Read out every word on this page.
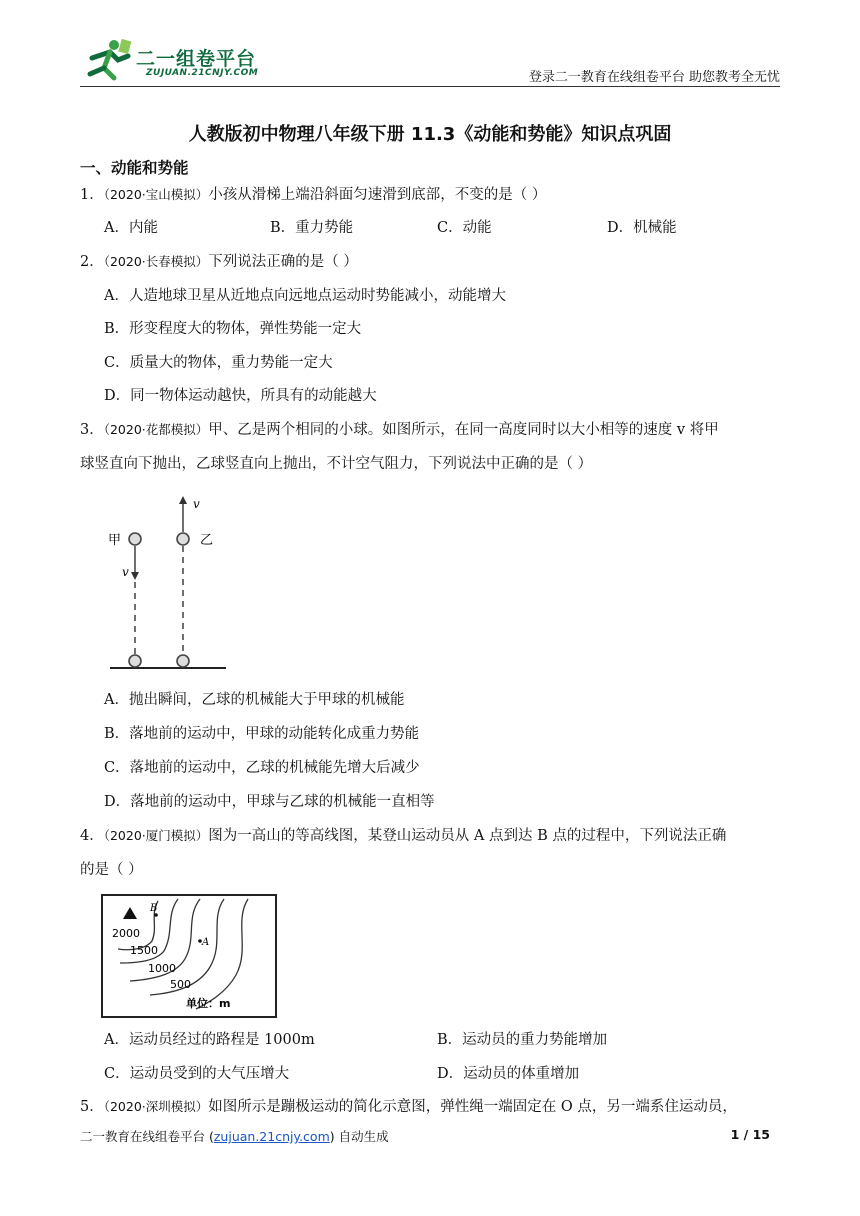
二一组卷平台
ZUJUAN.21CNJY.COM	登录二一教育在线组卷平台 助您教考全无忧
人教版初中物理八年级下册 11.3《动能和势能》知识点巩固
一、动能和势能
1．（2020·宝山模拟）小孩从滑梯上端沿斜面匀速滑到底部，不变的是（ ）
A．内能	B．重力势能	C．动能	D．机械能
2．（2020·长春模拟）下列说法正确的是（ ）
A．人造地球卫星从近地点向远地点运动时势能减小，动能增大
B．形变程度大的物体，弹性势能一定大
C．质量大的物体，重力势能一定大
D．同一物体运动越快，所具有的动能越大
3．（2020·花都模拟）甲、乙是两个相同的小球。如图所示，在同一高度同时以大小相等的速度 v 将甲
球竖直向下抛出，乙球竖直向上抛出，不计空气阻力，下列说法中正确的是（ ）
甲	乙
v
v
A．抛出瞬间，乙球的机械能大于甲球的机械能
B．落地前的运动中，甲球的动能转化成重力势能
C．落地前的运动中，乙球的机械能先增大后减少
D．落地前的运动中，甲球与乙球的机械能一直相等
4．（2020·厦门模拟）图为一高山的等高线图，某登山运动员从 A 点到达 B 点的过程中，下列说法正确
的是（ ）
B
A
2000
1500
1000
500
单位：m
A．运动员经过的路程是 1000m	B．运动员的重力势能增加
C．运动员受到的大气压增大	D．运动员的体重增加
5．（2020·深圳模拟）如图所示是蹦极运动的简化示意图，弹性绳一端固定在 O 点，另一端系住运动员，
二一教育在线组卷平台 (zujuan.21cnjy.com) 自动生成	1 / 15
